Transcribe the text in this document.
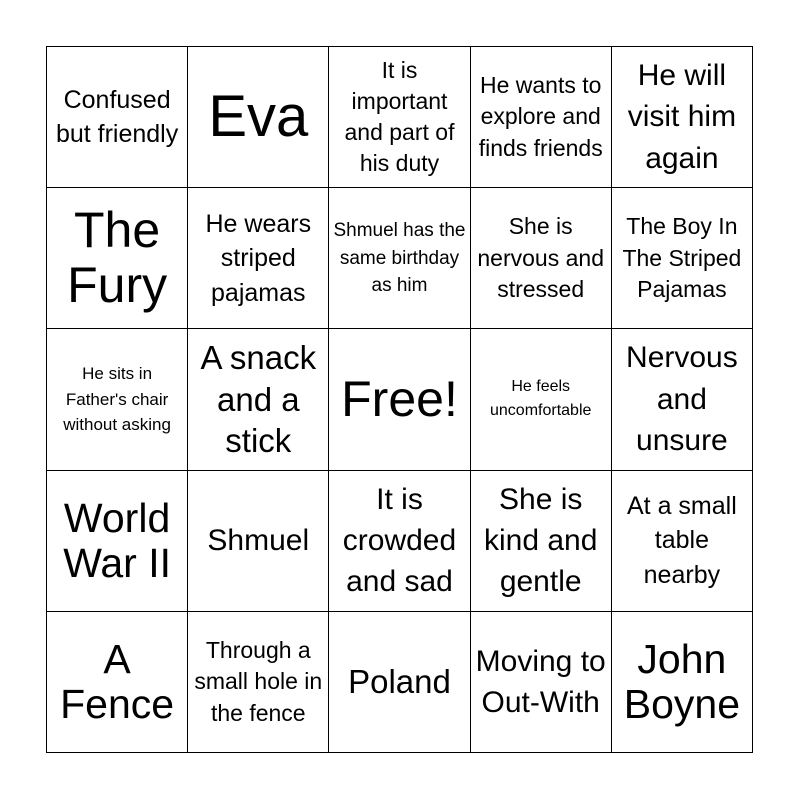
Confused but friendly Eva
It is important and part of his duty
He wants to explore and finds friends
He will visit him again
The Fury
He wears striped pajamas
Shmuel has the same birthday as him
She is nervous and stressed
The Boy In The Striped Pajamas
He sits in Father's chair without asking
A snack and a stick
Free!	He feels uncomfortable
Nervous and unsure
World War II	Shmuel
It is crowded and sad
She is kind and gentle
At a small table nearby
A Fence
Through a small hole in the fence
Poland
Moving to Out-With
John Boyne
